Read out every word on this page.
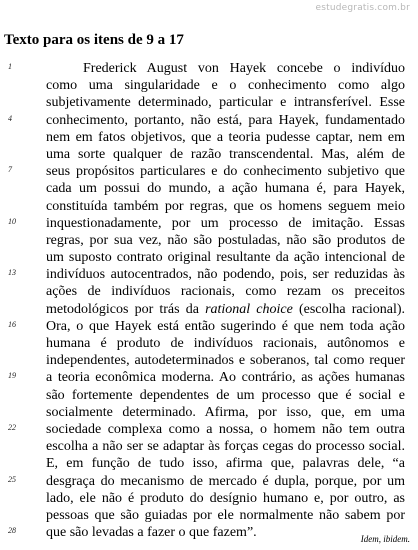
estudegratis.com.br
Texto para os itens de 9 a 17
1	Frederick August von Hayek concebe o indivíduo
como uma singularidade e o conhecimento como algo
subjetivamente determinado, particular e intransferível. Esse
4 conhecimento, portanto, não está, para Hayek, fundamentado
nem em fatos objetivos, que a teoria pudesse captar, nem em
uma sorte qualquer de razão transcendental. Mas, além de
7 seus propósitos particulares e do conhecimento subjetivo que
cada um possui do mundo, a ação humana é, para Hayek,
constituída também por regras, que os homens seguem meio
10 inquestionadamente, por um processo de imitação. Essas
regras, por sua vez, não são postuladas, não são produtos de
um suposto contrato original resultante da ação intencional de
13 indivíduos autocentrados, não podendo, pois, ser reduzidas às
ações de indivíduos racionais, como rezam os preceitos
metodológicos por trás da rational choice (escolha racional).
16 Ora, o que Hayek está então sugerindo é que nem toda ação
humana é produto de indivíduos racionais, autônomos e
independentes, autodeterminados e soberanos, tal como requer
19 a teoria econômica moderna. Ao contrário, as ações humanas
são fortemente dependentes de um processo que é social e
socialmente determinado. Afirma, por isso, que, em uma
22 sociedade complexa como a nossa, o homem não tem outra
escolha a não ser se adaptar às forças cegas do processo social.
E, em função de tudo isso, afirma que, palavras dele, “a
25 desgraça do mecanismo de mercado é dupla, porque, por um
lado, ele não é produto do desígnio humano e, por outro, as
pessoas que são guiadas por ele normalmente não sabem por
28 que são levadas a fazer o que fazem”.	Idem, ibidem.
